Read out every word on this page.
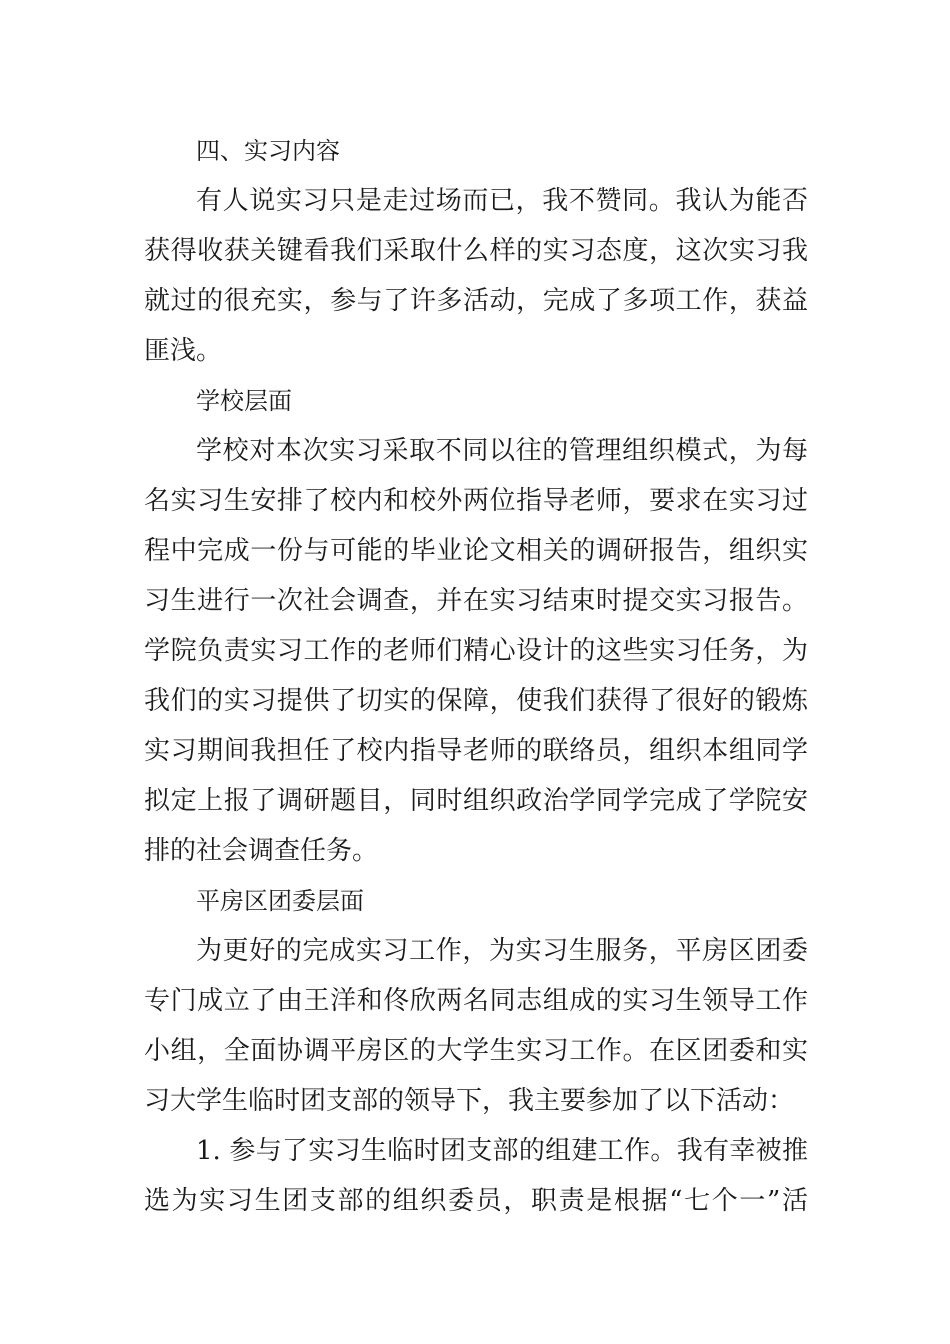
四、实习内容

有人说实习只是走过场而已，我不赞同。我认为能否
获得收获关键看我们采取什么样的实习态度，这次实习我
就过的很充实，参与了许多活动，完成了多项工作，获益
匪浅。

学校层面

学校对本次实习采取不同以往的管理组织模式，为每
名实习生安排了校内和校外两位指导老师，要求在实习过
程中完成一份与可能的毕业论文相关的调研报告，组织实
习生进行一次社会调查，并在实习结束时提交实习报告。
学院负责实习工作的老师们精心设计的这些实习任务，为
我们的实习提供了切实的保障，使我们获得了很好的锻炼
实习期间我担任了校内指导老师的联络员，组织本组同学
拟定上报了调研题目，同时组织政治学同学完成了学院安
排的社会调查任务。

平房区团委层面

为更好的完成实习工作，为实习生服务，平房区团委
专门成立了由王洋和佟欣两名同志组成的实习生领导工作
小组，全面协调平房区的大学生实习工作。在区团委和实
习大学生临时团支部的领导下，我主要参加了以下活动：
1. 参与了实习生临时团支部的组建工作。我有幸被推
选为实习生团支部的组织委员，职责是根据“七个一”活
